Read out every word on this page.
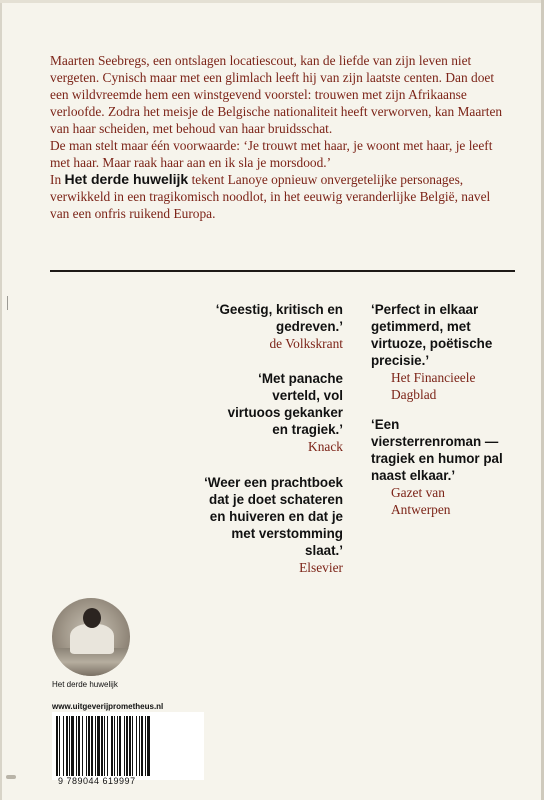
Maarten Seebregs, een ontslagen locatiescout, kan de liefde van zijn leven niet vergeten. Cynisch maar met een glimlach leeft hij van zijn laatste centen. Dan doet een wildvreemde hem een winstgevend voorstel: trouwen met zijn Afrikaanse verloofde. Zodra het meisje de Belgische nationaliteit heeft verworven, kan Maarten van haar scheiden, met behoud van haar bruidsschat.

De man stelt maar één voorwaarde: ‘Je trouwt met haar, je woont met haar, je leeft met haar. Maar raak haar aan en ik sla je morsdood.’

In Het derde huwelijk tekent Lanoye opnieuw onvergetelijke personages, verwikkeld in een tragikomisch noodlot, in het eeuwig veranderlijke België, navel van een onfris ruikend Europa.

‘Geestig, kritisch en gedreven.’
de Volkskrant
‘Met panache verteld, vol virtuoos gekanker en tragiek.’
Knack
‘Weer een prachtboek dat je doet schateren en huiveren en dat je met verstomming slaat.’
Elsevier
‘Perfect in elkaar getimmerd, met virtuoze, poëtische precisie.’
Het Financieele Dagblad
‘Een viersterrenroman — tragiek en humor pal naast elkaar.’
Gazet van Antwerpen
Het derde huwelijk
www.uitgeverijprometheus.nl
9 789044 619997
